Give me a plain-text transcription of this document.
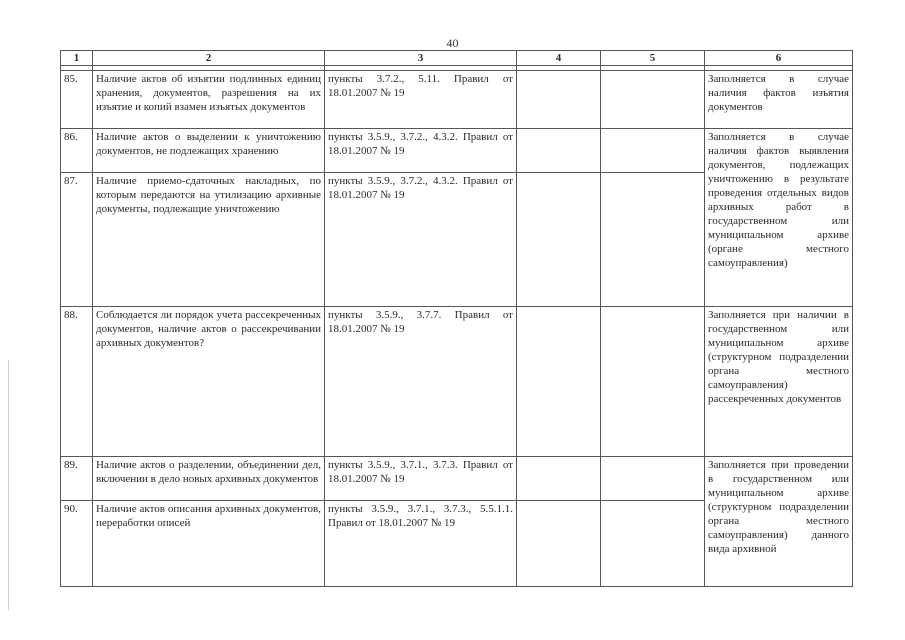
40
1	2	3	4	5	6

85.	Наличие актов об изъятии подлинных единиц хранения, документов, разрешения на их изъятие и копий взамен изъятых документов	пункты 3.7.2., 5.11. Правил от 18.01.2007 № 19			Заполняется в случае наличия фактов изъятия документов
86.	Наличие актов о выделении к уничтожению документов, не подлежащих хранению	пункты 3.5.9., 3.7.2., 4.3.2. Правил от 18.01.2007 № 19			Заполняется в случае наличия фактов выявления документов, подлежащих уничтожению в результате проведения отдельных видов архивных работ в государственном или муниципальном архиве (органе местного самоуправления)
87.	Наличие приемо-сдаточных накладных, по которым передаются на утилизацию архивные документы, подлежащие уничтожению	пункты 3.5.9., 3.7.2., 4.3.2. Правил от 18.01.2007 № 19			
88.	Соблюдается ли порядок учета рассекреченных документов, наличие актов о рассекречивании архивных документов?	пункты 3.5.9., 3.7.7. Правил от 18.01.2007 № 19			Заполняется при наличии в государственном или муниципальном архиве (структурном подразделении органа местного самоуправления) рассекреченных документов
89.	Наличие актов о разделении, объединении дел, включении в дело новых архивных документов	пункты 3.5.9., 3.7.1., 3.7.3. Правил от 18.01.2007 № 19			Заполняется при проведении в государственном или муниципальном архиве (структурном подразделении органа местного самоуправления) данного вида архивной
90.	Наличие актов описания архивных документов, переработки описей	пункты 3.5.9., 3.7.1., 3.7.3., 5.5.1.1. Правил от 18.01.2007 № 19			
